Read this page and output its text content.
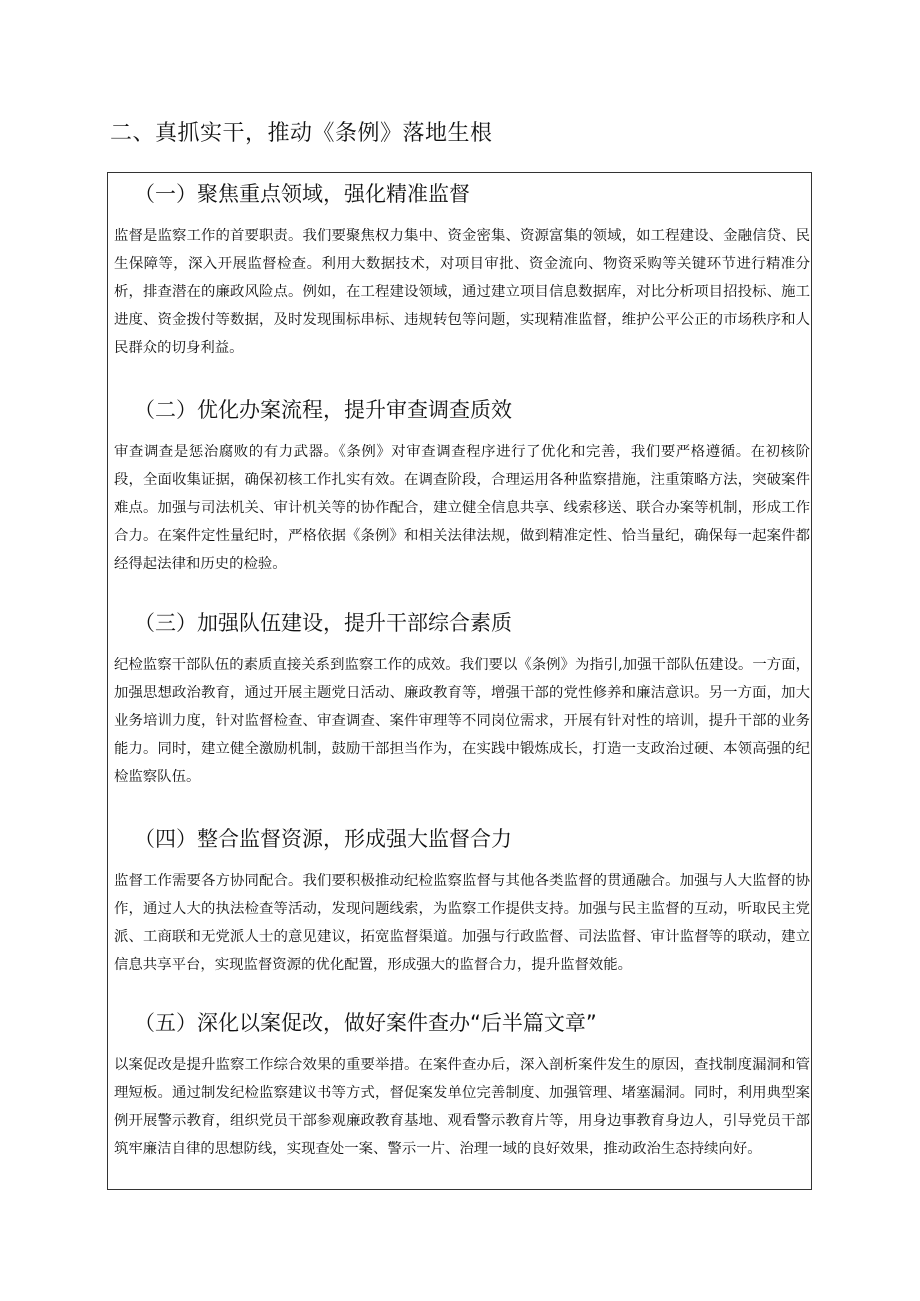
二、真抓实干，推动《条例》落地生根
（一）聚焦重点领域，强化精准监督

监督是监察工作的首要职责。我们要聚焦权力集中、资金密集、资源富集的领域，如工程建设、金融信贷、民生保障等，深入开展监督检查。利用大数据技术，对项目审批、资金流向、物资采购等关键环节进行精准分析，排查潜在的廉政风险点。例如，在工程建设领域，通过建立项目信息数据库，对比分析项目招投标、施工进度、资金拨付等数据，及时发现围标串标、违规转包等问题，实现精准监督，维护公平公正的市场秩序和人民群众的切身利益。

（二）优化办案流程，提升审查调查质效

审查调查是惩治腐败的有力武器。《条例》对审查调查程序进行了优化和完善，我们要严格遵循。在初核阶段，全面收集证据，确保初核工作扎实有效。在调查阶段，合理运用各种监察措施，注重策略方法，突破案件难点。加强与司法机关、审计机关等的协作配合，建立健全信息共享、线索移送、联合办案等机制，形成工作合力。在案件定性量纪时，严格依据《条例》和相关法律法规，做到精准定性、恰当量纪，确保每一起案件都经得起法律和历史的检验。

（三）加强队伍建设，提升干部综合素质

纪检监察干部队伍的素质直接关系到监察工作的成效。我们要以《条例》为指引,加强干部队伍建设。一方面，加强思想政治教育，通过开展主题党日活动、廉政教育等，增强干部的党性修养和廉洁意识。另一方面，加大业务培训力度，针对监督检查、审查调查、案件审理等不同岗位需求，开展有针对性的培训，提升干部的业务能力。同时，建立健全激励机制，鼓励干部担当作为，在实践中锻炼成长，打造一支政治过硬、本领高强的纪检监察队伍。

（四）整合监督资源，形成强大监督合力

监督工作需要各方协同配合。我们要积极推动纪检监察监督与其他各类监督的贯通融合。加强与人大监督的协作，通过人大的执法检查等活动，发现问题线索，为监察工作提供支持。加强与民主监督的互动，听取民主党派、工商联和无党派人士的意见建议，拓宽监督渠道。加强与行政监督、司法监督、审计监督等的联动，建立信息共享平台，实现监督资源的优化配置，形成强大的监督合力，提升监督效能。

（五）深化以案促改，做好案件查办“后半篇文章”

以案促改是提升监察工作综合效果的重要举措。在案件查办后，深入剖析案件发生的原因，查找制度漏洞和管理短板。通过制发纪检监察建议书等方式，督促案发单位完善制度、加强管理、堵塞漏洞。同时，利用典型案例开展警示教育，组织党员干部参观廉政教育基地、观看警示教育片等，用身边事教育身边人，引导党员干部筑牢廉洁自律的思想防线，实现查处一案、警示一片、治理一域的良好效果，推动政治生态持续向好。
